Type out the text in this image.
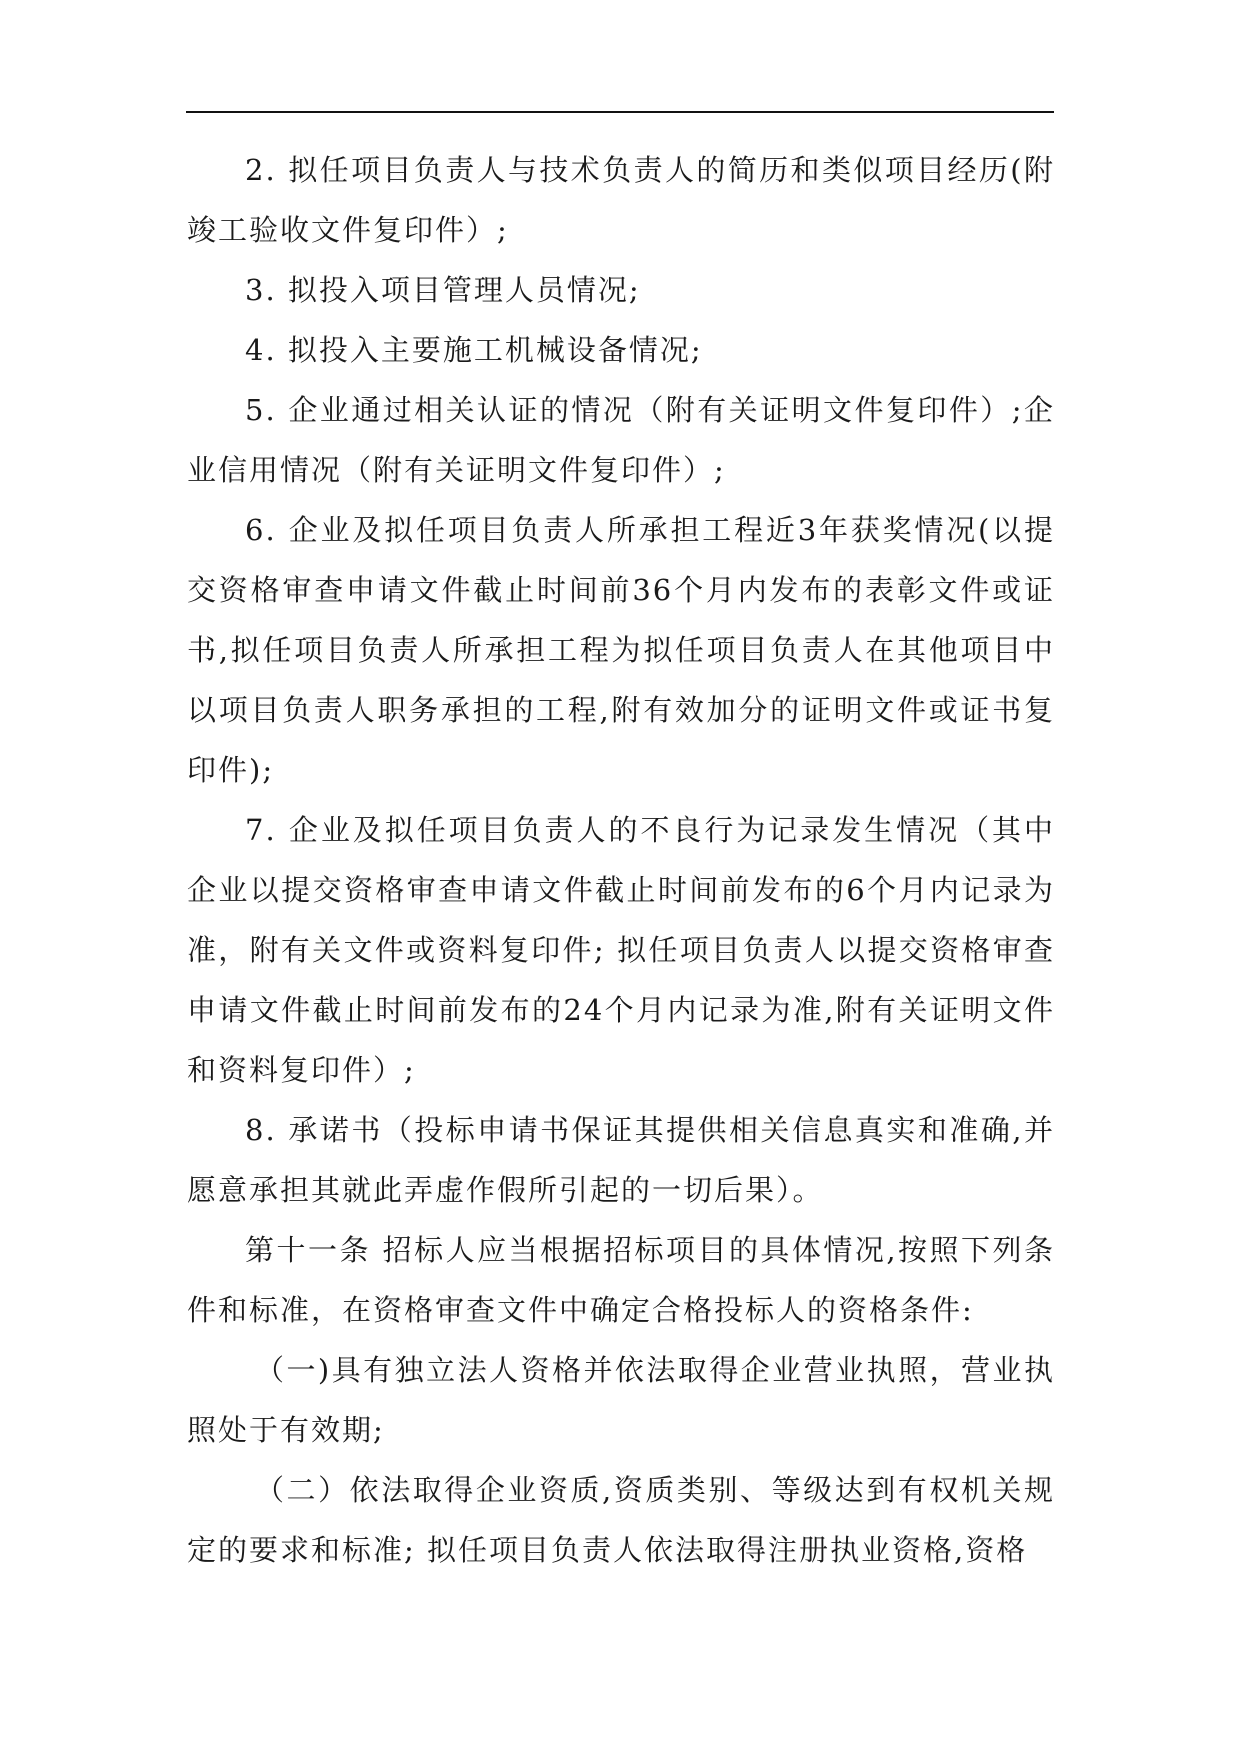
2. 拟任项目负责人与技术负责人的简历和类似项目经历(附竣工验收文件复印件）;

3. 拟投入项目管理人员情况;

4. 拟投入主要施工机械设备情况;

5. 企业通过相关认证的情况（附有关证明文件复印件）;企业信用情况（附有关证明文件复印件）;

6. 企业及拟任项目负责人所承担工程近3年获奖情况(以提交资格审查申请文件截止时间前36个月内发布的表彰文件或证书,拟任项目负责人所承担工程为拟任项目负责人在其他项目中以项目负责人职务承担的工程,附有效加分的证明文件或证书复印件);

7. 企业及拟任项目负责人的不良行为记录发生情况（其中企业以提交资格审查申请文件截止时间前发布的6个月内记录为准，附有关文件或资料复印件; 拟任项目负责人以提交资格审查申请文件截止时间前发布的24个月内记录为准,附有关证明文件和资料复印件）;

8. 承诺书（投标申请书保证其提供相关信息真实和准确,并愿意承担其就此弄虚作假所引起的一切后果）。

第十一条 招标人应当根据招标项目的具体情况,按照下列条件和标准，在资格审查文件中确定合格投标人的资格条件:

（一)具有独立法人资格并依法取得企业营业执照，营业执照处于有效期;

（二）依法取得企业资质,资质类别、等级达到有权机关规定的要求和标准; 拟任项目负责人依法取得注册执业资格,资格
